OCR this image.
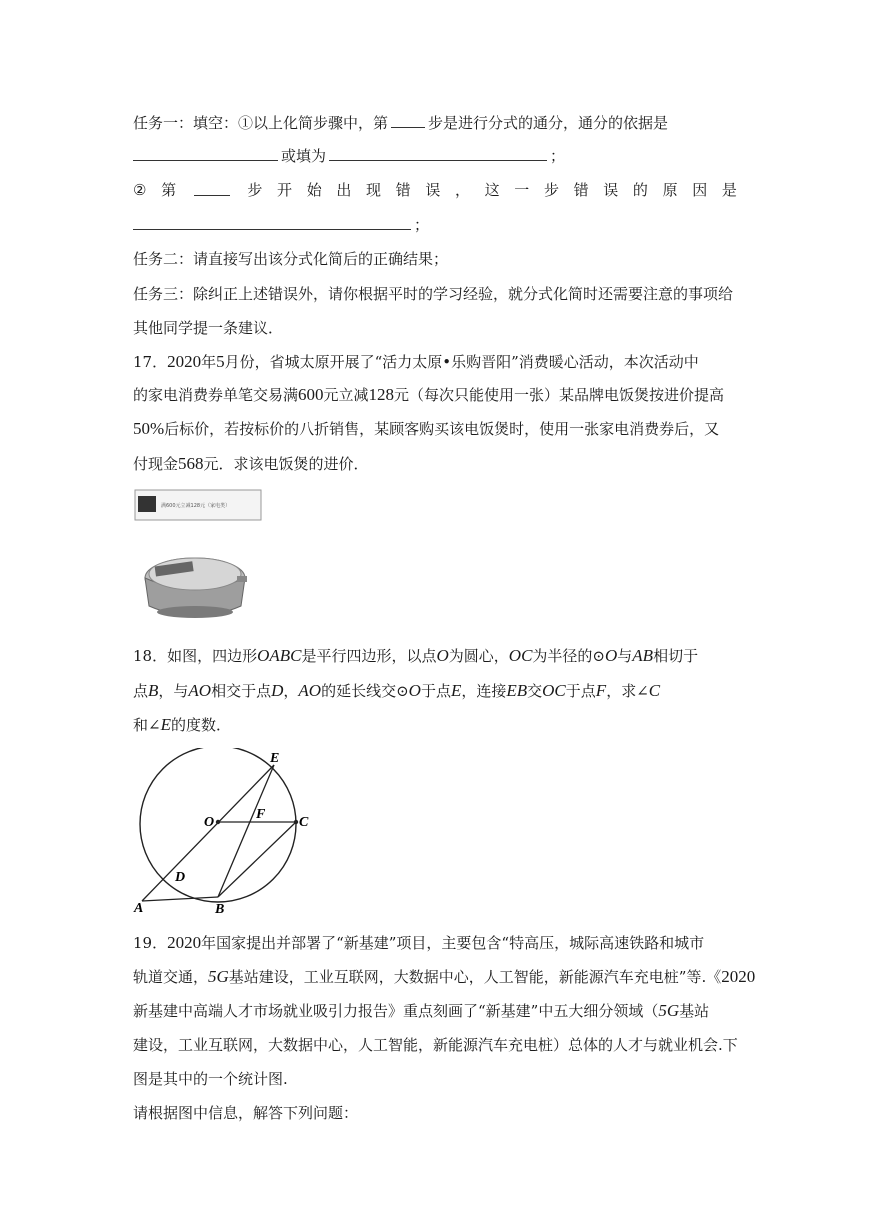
任务一：填空：①以上化简步骤中，第	步是进行分式的通分，通分的依据是
或填为	；
② 第	步 开 始 出 现 错 误 ， 这 一 步 错 误 的 原 因 是
；
任务二：请直接写出该分式化简后的正确结果；
任务三：除纠正上述错误外，请你根据平时的学习经验，就分式化简时还需要注意的事项给
其他同学提一条建议．
17．2020年5月份，省城太原开展了“活力太原•乐购晋阳”消费暖心活动，本次活动中
的家电消费券单笔交易满600元立减128元（每次只能使用一张）某品牌电饭煲按进价提高
50%后标价，若按标价的八折销售，某顾客购买该电饭煲时，使用一张家电消费券后，又
付现金568元．求该电饭煲的进价．
满600元立减128元（家电类）
18．如图，四边形OABC是平行四边形，以点O为圆心，OC为半径的⊙O与AB相切于
点B，与AO相交于点D，AO的延长线交⊙O于点E，连接EB交OC于点F，求∠C
和∠E的度数．
E
O
F
C
D
A	B
19．2020年国家提出并部署了“新基建”项目，主要包含“特高压，城际高速铁路和城市
轨道交通，5G基站建设，工业互联网，大数据中心，人工智能，新能源汽车充电桩”等.《2020
新基建中高端人才市场就业吸引力报告》重点刻画了“新基建”中五大细分领域（5G基站
建设，工业互联网，大数据中心，人工智能，新能源汽车充电桩）总体的人才与就业机会.下
图是其中的一个统计图.
请根据图中信息，解答下列问题：
